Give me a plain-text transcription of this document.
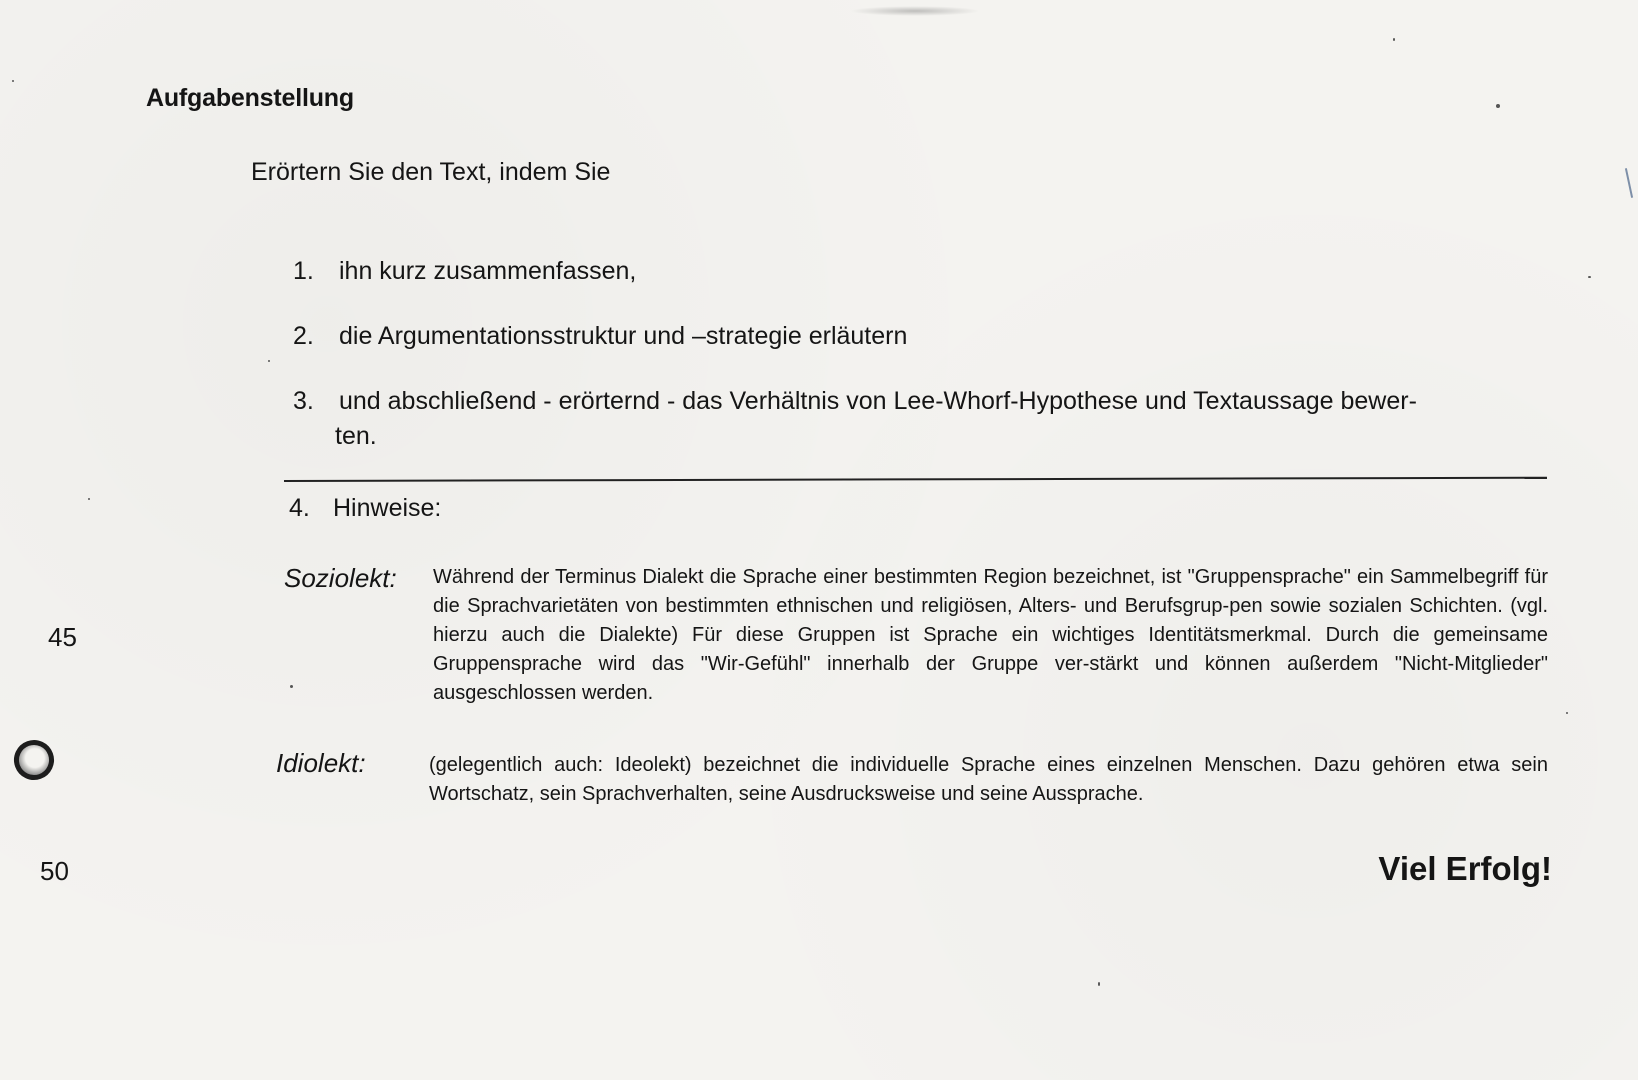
Aufgabenstellung
Erörtern Sie den Text, indem Sie
1. ihn kurz zusammenfassen,
2. die Argumentationsstruktur und –strategie erläutern
3. und abschließend - erörternd - das Verhältnis von Lee-Whorf-Hypothese und Textaussage bewer-
ten.
4. Hinweise:
Soziolekt: Während der Terminus Dialekt die Sprache einer bestimmten Region bezeichnet, ist "Gruppensprache" ein Sammelbegriff für die Sprachvarietäten von bestimmten ethnischen und religiösen, Alters- und Berufsgrup-pen sowie sozialen Schichten. (vgl. hierzu auch die Dialekte) Für diese Gruppen ist Sprache ein wichtiges Identitätsmerkmal. Durch die gemeinsame Gruppensprache wird das "Wir-Gefühl" innerhalb der Gruppe ver-stärkt und können außerdem "Nicht-Mitglieder" ausgeschlossen werden.
45
Idiolekt:	(gelegentlich auch: Ideolekt) bezeichnet die individuelle Sprache eines einzelnen Menschen. Dazu gehören etwa sein Wortschatz, sein Sprachverhalten, seine Ausdrucksweise und seine Aussprache.
50	Viel Erfolg!
